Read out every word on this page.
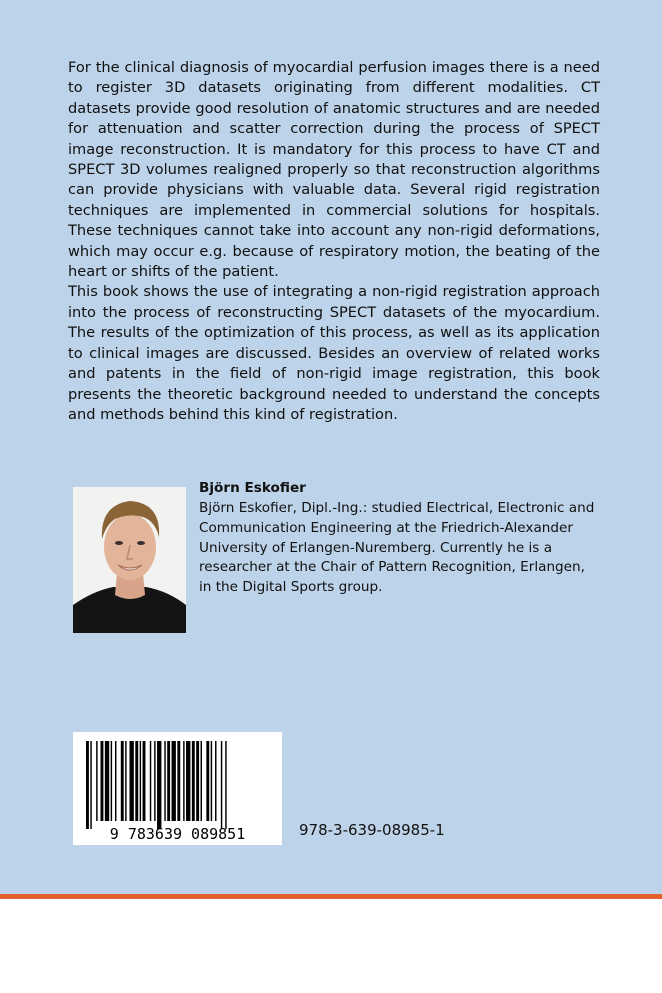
For the clinical diagnosis of myocardial perfusion images there is a need to register 3D datasets originating from different modalities. CT datasets provide good resolution of anatomic structures and are needed for attenuation and scatter correction during the process of SPECT image reconstruction. It is mandatory for this process to have CT and SPECT 3D volumes realigned properly so that reconstruction algorithms can provide physicians with valuable data. Several rigid registration techniques are implemented in commercial solutions for hospitals. These techniques cannot take into account any non-rigid deformations, which may occur e.g. because of respiratory motion, the beating of the heart or shifts of the patient.

This book shows the use of integrating a non-rigid registration approach into the process of reconstructing SPECT datasets of the myocardium. The results of the optimization of this process, as well as its application to clinical images are discussed. Besides an overview of related works and patents in the field of non-rigid image registration, this book presents the theoretic background needed to understand the concepts and methods behind this kind of registration.

Björn Eskofier
Björn Eskofier, Dipl.-Ing.: studied Electrical, Electronic and Communication Engineering at the Friedrich-Alexander University of Erlangen-Nuremberg. Currently he is a researcher at the Chair of Pattern Recognition, Erlangen, in the Digital Sports group.
9 783639 089851	978-3-639-08985-1
